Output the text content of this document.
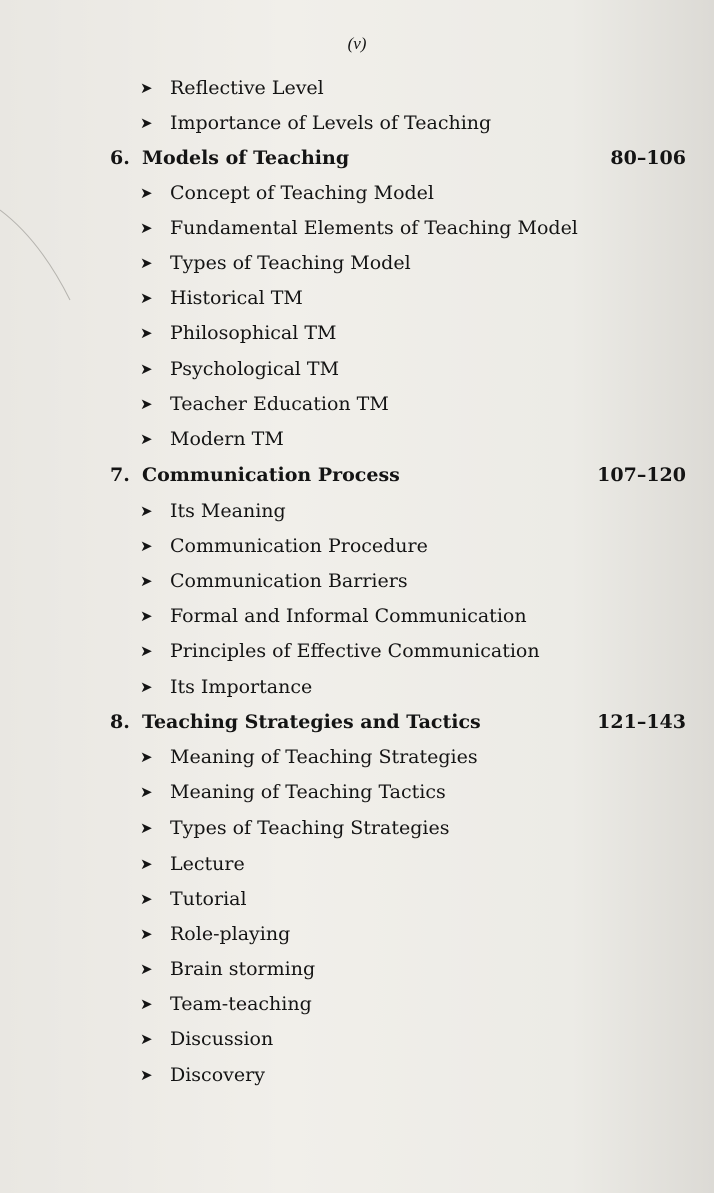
(v)
➤ Reflective Level
➤ Importance of Levels of Teaching
6. Models of Teaching	80–106
➤ Concept of Teaching Model
➤ Fundamental Elements of Teaching Model
➤ Types of Teaching Model
➤ Historical TM
➤ Philosophical TM
➤ Psychological TM
➤ Teacher Education TM
➤ Modern TM
7. Communication Process	107–120
➤ Its Meaning
➤ Communication Procedure
➤ Communication Barriers
➤ Formal and Informal Communication
➤ Principles of Effective Communication
➤ Its Importance
8. Teaching Strategies and Tactics	121–143
➤ Meaning of Teaching Strategies
➤ Meaning of Teaching Tactics
➤ Types of Teaching Strategies
➤ Lecture
➤ Tutorial
➤ Role-playing
➤ Brain storming
➤ Team-teaching
➤ Discussion
➤ Discovery
